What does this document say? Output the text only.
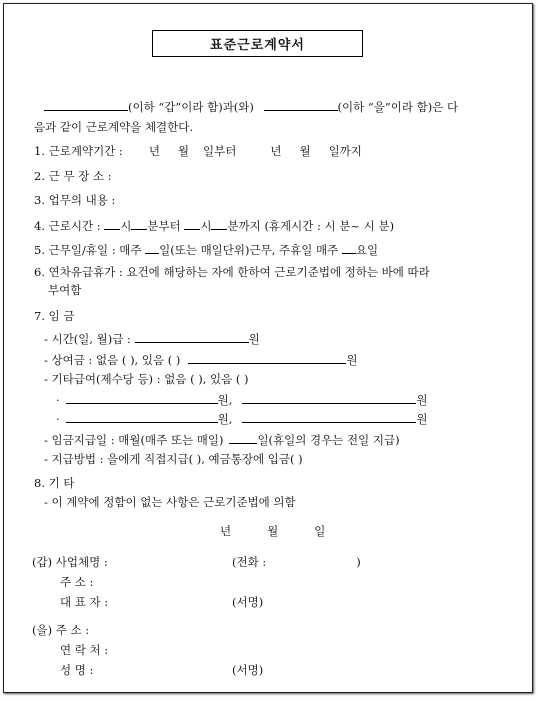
표준근로계약서
(이하 “갑”이라 함)과(와)	(이하 “을”이라 함)은 다
음과 같이 근로계약을 체결한다.
1. 근로계약기간 : 년 월 일부터	년 월 일까지
2. 근 무 장 소 :
3. 업무의 내용 :
4. 근로시간 : 시 분부터 시 분까지 (휴게시간 : 시 분~ 시 분)
5. 근무일/휴일 : 매주 일(또는 매일단위)근무, 주휴일 매주 요일
6. 연차유급휴가 : 요건에 해당하는 자에 한하여 근로기준법에 정하는 바에 따라
부여함
7. 임 금
- 시간(일, 월)급 :	원
- 상여금 : 없음 ( ), 있음 ( )	원
- 기타급여(제수당 등) : 없음 ( ), 있음 ( )
·	원,	원
·	원,	원
- 임금지급일 : 매월(매주 또는 매일)	일(휴일의 경우는 전일 지급)
- 지급방법 : 을에게 직접지급( ), 예금통장에 입금( )
8. 기 타
- 이 계약에 정함이 없는 사항은 근로기준법에 의함
년	월	일
(갑) 사업체명 :	(전화 :	)
주 소 :
대 표 자 :	(서명)
(을) 주 소 :
연 락 처 :
성 명 :	(서명)
